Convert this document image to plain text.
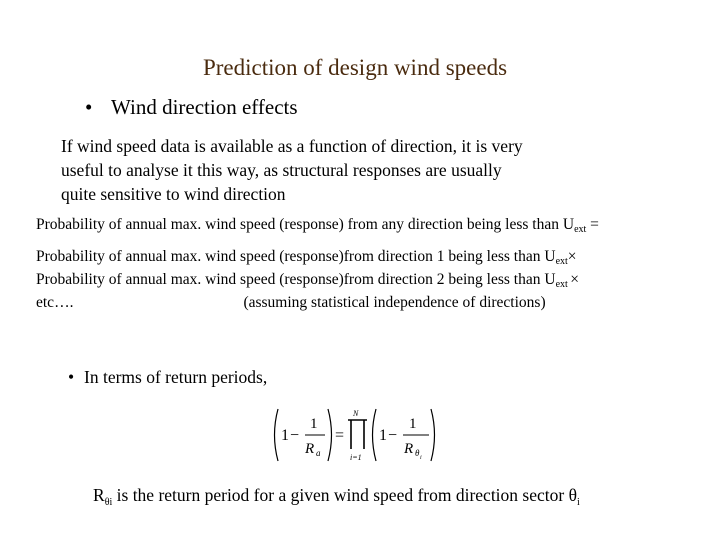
Prediction of design wind speeds
• Wind direction effects
If wind speed data is available as a function of direction, it is very
useful to analyse it this way, as structural responses are usually
quite sensitive to wind direction
Probability of annual max. wind speed (response) from any direction being less than $U_{ext}$ =
Probability of annual max. wind speed (response)from direction 1 being less than $U_{ext}\times$
Probability of annual max. wind speed (response)from direction 2 being less than $U_{ext}$ ×
etc….	(assuming statistical independence of directions)
• In terms of return periods,
1 −
1
R a
=
N
i=1
1 −
1
R θ i
$R_{\theta i}$ is the return period for a given wind speed from direction sector $\theta_i$
